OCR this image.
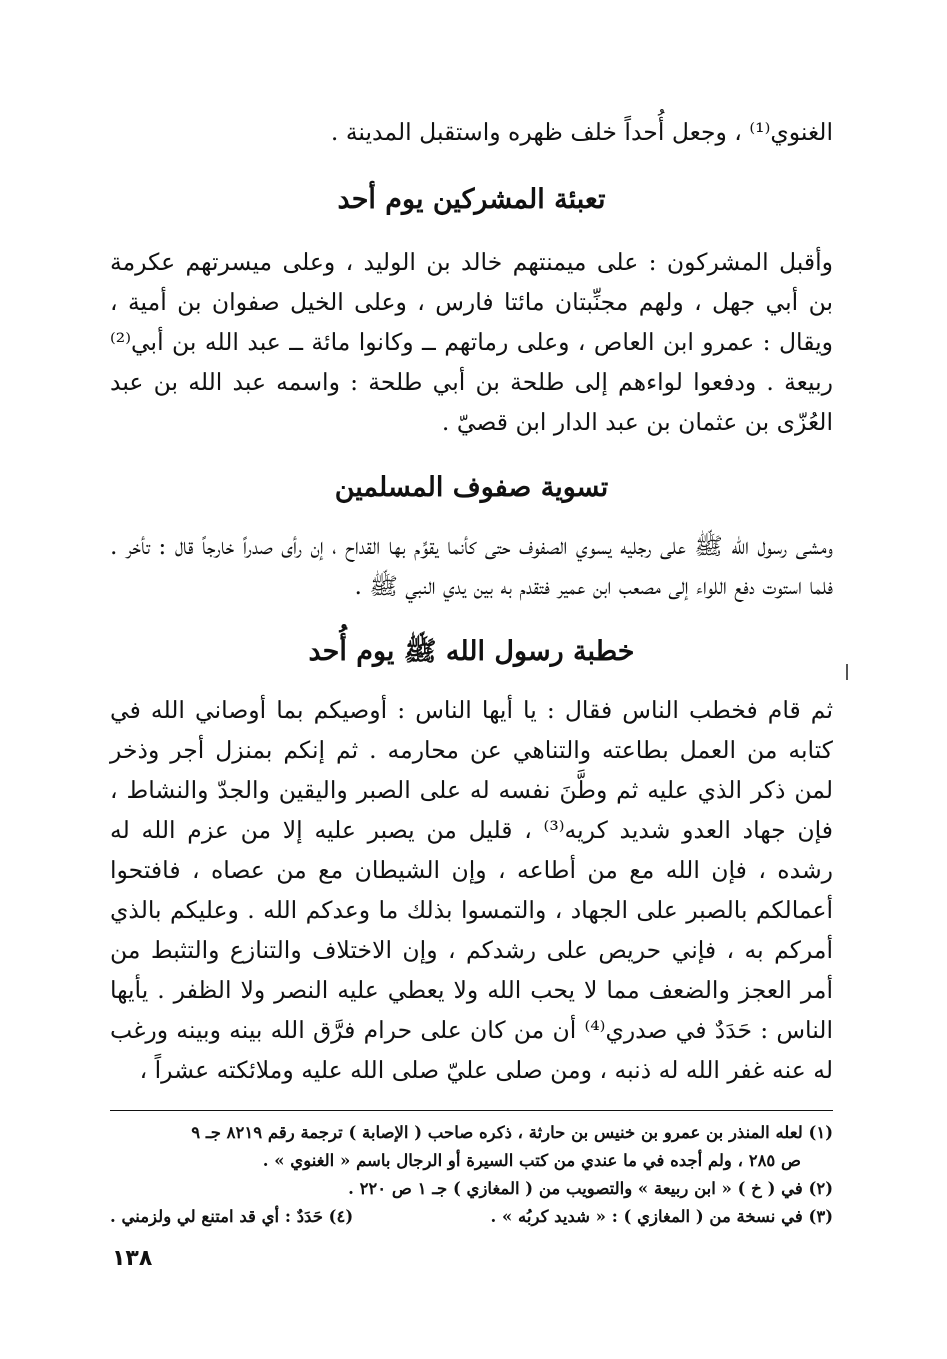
الغنوي⁽¹⁾ ، وجعل أُحداً خلف ظهره واستقبل المدينة .

تعبئة المشركين يوم أحد

وأقبل المشركون : على ميمنتهم خالد بن الوليد ، وعلى ميسرتهم عكرمة بن أبي جهل ، ولهم مجنِّبتان مائتا فارس ، وعلى الخيل صفوان بن أمية ، ويقال : عمرو ابن العاص ، وعلى رماتهم ــ وكانوا مائة ــ عبد الله بن أبي⁽²⁾ ربيعة . ودفعوا لواءهم إلى طلحة بن أبي طلحة : واسمه عبد الله بن عبد العُزّى بن عثمان بن عبد الدار ابن قصيّ .

تسوية صفوف المسلمين

ومشى رسول الله ﷺ على رجليه يسوي الصفوف حتى كأنما يقوِّم بها القداح ، إن رأى صدراً خارجاً قال : تأخر . فلما استوت دفع اللواء إلى مصعب ابن عمير فتقدم به بين يدي النبي ﷺ .

خطبة رسول الله ﷺ يوم أُحد

ثم قام فخطب الناس فقال : يا أيها الناس : أوصيكم بما أوصاني الله في كتابه من العمل بطاعته والتناهي عن محارمه . ثم إنكم بمنزل أجر وذخر لمن ذكر الذي عليه ثم وطَّنَ نفسه له على الصبر واليقين والجدّ والنشاط ، فإن جهاد العدو شديد كريه⁽³⁾ ، قليل من يصبر عليه إلا من عزم الله له رشده ، فإن الله مع من أطاعه ، وإن الشيطان مع من عصاه ، فافتحوا أعمالكم بالصبر على الجهاد ، والتمسوا بذلك ما وعدكم الله . وعليكم بالذي أمركم به ، فإني حريص على رشدكم ، وإن الاختلاف والتنازع والتثبط من أمر العجز والضعف مما لا يحب الله ولا يعطي عليه النصر ولا الظفر . يأيها الناس : حَدَدٌ في صدري⁽⁴⁾ أن من كان على حرام فرَّق الله بينه وبينه ورغب له عنه غفر الله له ذنبه ، ومن صلى عليّ صلى الله عليه وملائكته عشراً ،

(١) لعله المنذر بن عمرو بن خنيس بن حارثة ، ذكره صاحب ( الإصابة ) ترجمة رقم ٨٢١٩ جـ ٩

ص ٢٨٥ ، ولم أجده في ما عندي من كتب السيرة أو الرجال باسم « الغنوي » .

(٢) في ( خ ) « ابن ربيعة » والتصويب من ( المغازي ) جـ ١ ص ٢٢٠ .

(٣) في نسخة من ( المغازي ) : « شديد كربُه » .
(٤) حَدَدٌ : أي قد امتنع لي ولزمني .
١٣٨
